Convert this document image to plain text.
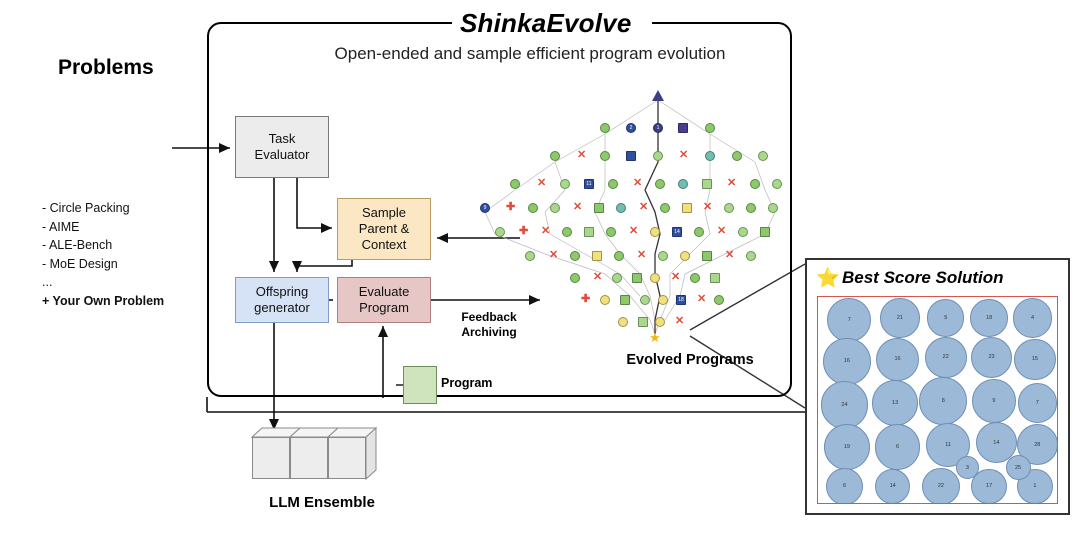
Problems
- Circle Packing
- AIME
- ALE-Bench
- MoE Design
...
+ Your Own Problem
ShinkaEvolve
Open-ended and sample efficient program evolution
Task
Evaluator
Sample
Parent &
Context
Offspring
generator
Evaluate
Program
Feedback
Archiving
Program
LLM Ensemble
2	1
✕	✕
✕	11	✕	✕
9	✚	✕	✕	✕
✚ ✕	✕	14	✕
✕	✕	✕
✕	✕
✚	18 ✕
✕
★
Evolved Programs
⭐ Best Score Solution
7	21	5	18	4
16	16	22	23	15
24	13	8	9	7
19	6	11	14	28
6	14	22	17	1
25
3
